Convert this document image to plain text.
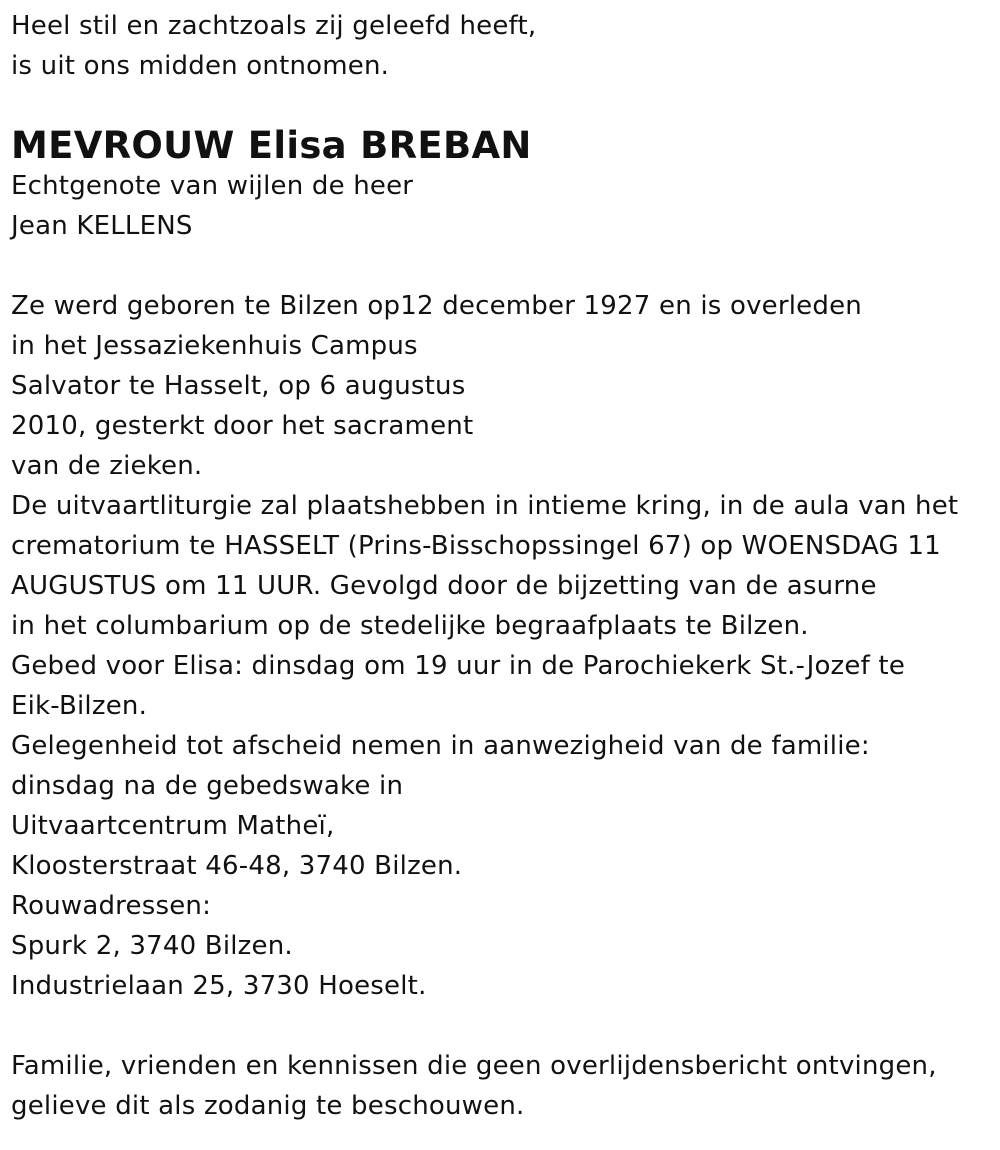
Heel stil en zachtzoals zij geleefd heeft,
is uit ons midden ontnomen.
MEVROUW Elisa BREBAN
Echtgenote van wijlen de heer
Jean KELLENS
Ze werd geboren te Bilzen op12 december 1927 en is overleden
in het Jessaziekenhuis Campus
Salvator te Hasselt, op 6 augustus
2010, gesterkt door het sacrament
van de zieken.
De uitvaartliturgie zal plaatshebben in intieme kring, in de aula van het
crematorium te HASSELT (Prins-Bisschopssingel 67) op WOENSDAG 11
AUGUSTUS om 11 UUR. Gevolgd door de bijzetting van de asurne
in het columbarium op de stedelijke begraafplaats te Bilzen.
Gebed voor Elisa: dinsdag om 19 uur in de Parochiekerk St.-Jozef te
Eik-Bilzen.
Gelegenheid tot afscheid nemen in aanwezigheid van de familie:
dinsdag na de gebedswake in
Uitvaartcentrum Matheï,
Kloosterstraat 46-48, 3740 Bilzen.
Rouwadressen:
Spurk 2, 3740 Bilzen.
Industrielaan 25, 3730 Hoeselt.
Familie, vrienden en kennissen die geen overlijdensbericht ontvingen,
gelieve dit als zodanig te beschouwen.
